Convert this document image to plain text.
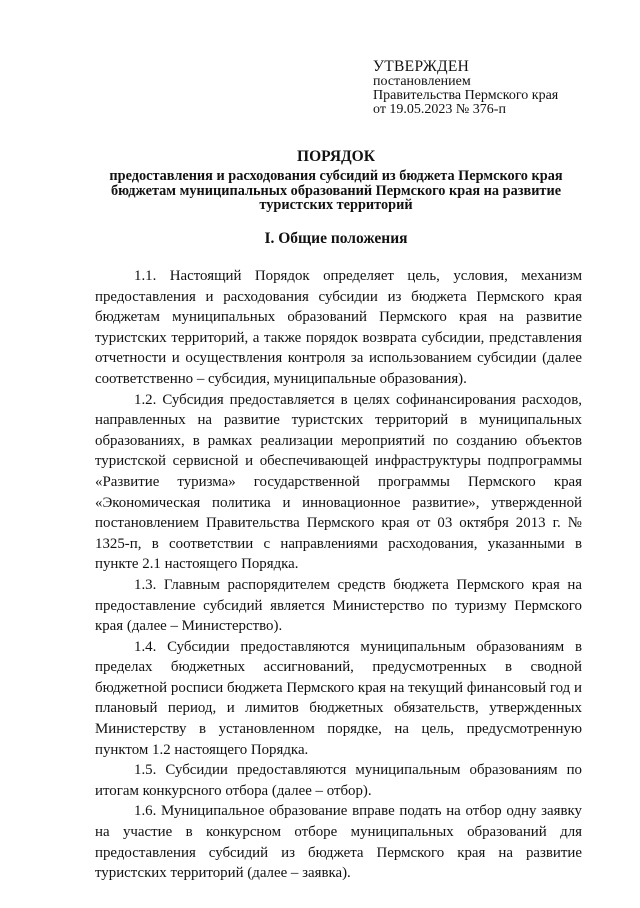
УТВЕРЖДЕН
постановлением
Правительства Пермского края
от 19.05.2023 № 376-п
ПОРЯДОК
предоставления и расходования субсидий из бюджета Пермского края бюджетам муниципальных образований Пермского края на развитие туристских территорий
I. Общие положения

1.1. Настоящий Порядок определяет цель, условия, механизм предоставления и расходования субсидии из бюджета Пермского края бюджетам муниципальных образований Пермского края на развитие туристских территорий, а также порядок возврата субсидии, представления отчетности и осуществления контроля за использованием субсидии (далее соответственно – субсидия, муниципальные образования).

1.2. Субсидия предоставляется в целях софинансирования расходов, направленных на развитие туристских территорий в муниципальных образованиях, в рамках реализации мероприятий по созданию объектов туристской сервисной и обеспечивающей инфраструктуры подпрограммы «Развитие туризма» государственной программы Пермского края «Экономическая политика и инновационное развитие», утвержденной постановлением Правительства Пермского края от 03 октября 2013 г. № 1325-п, в соответствии с направлениями расходования, указанными в пункте 2.1 настоящего Порядка.

1.3. Главным распорядителем средств бюджета Пермского края на предоставление субсидий является Министерство по туризму Пермского края (далее – Министерство).

1.4. Субсидии предоставляются муниципальным образованиям в пределах бюджетных ассигнований, предусмотренных в сводной бюджетной росписи бюджета Пермского края на текущий финансовый год и плановый период, и лимитов бюджетных обязательств, утвержденных Министерству в установленном порядке, на цель, предусмотренную пунктом 1.2 настоящего Порядка.

1.5. Субсидии предоставляются муниципальным образованиям по итогам конкурсного отбора (далее – отбор).

1.6. Муниципальное образование вправе подать на отбор одну заявку на участие в конкурсном отборе муниципальных образований для предоставления субсидий из бюджета Пермского края на развитие туристских территорий (далее – заявка).
